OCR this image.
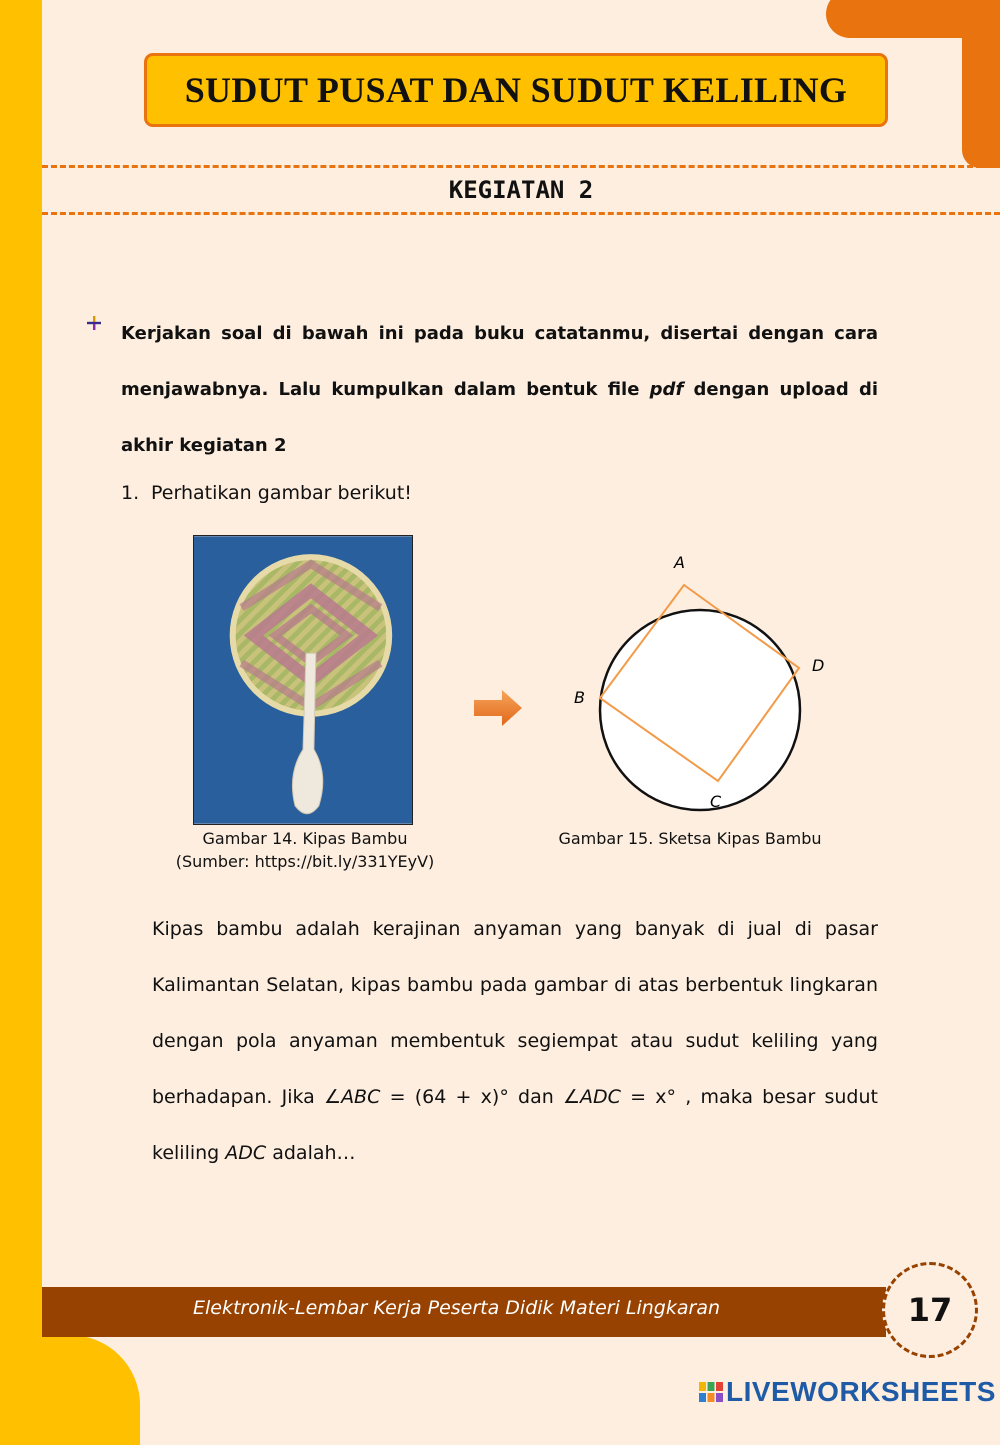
SUDUT PUSAT DAN SUDUT KELILING
KEGIATAN 2
Kerjakan soal di bawah ini pada buku catatanmu, disertai dengan cara menjawabnya. Lalu kumpulkan dalam bentuk file pdf dengan upload di akhir kegiatan 2
1. Perhatikan gambar berikut!
A
B
C
D
Gambar 14. Kipas Bambu
(Sumber: https://bit.ly/331YEyV)
Gambar 15. Sketsa Kipas Bambu
Kipas bambu adalah kerajinan anyaman yang banyak di jual di pasar Kalimantan Selatan, kipas bambu pada gambar di atas berbentuk lingkaran dengan pola anyaman membentuk segiempat atau sudut keliling yang berhadapan. Jika ∠ABC = (64 + x)° dan ∠ADC = x° , maka besar sudut keliling ADC adalah…
Elektronik-Lembar Kerja Peserta Didik Materi Lingkaran	17
LIVEWORKSHEETS
